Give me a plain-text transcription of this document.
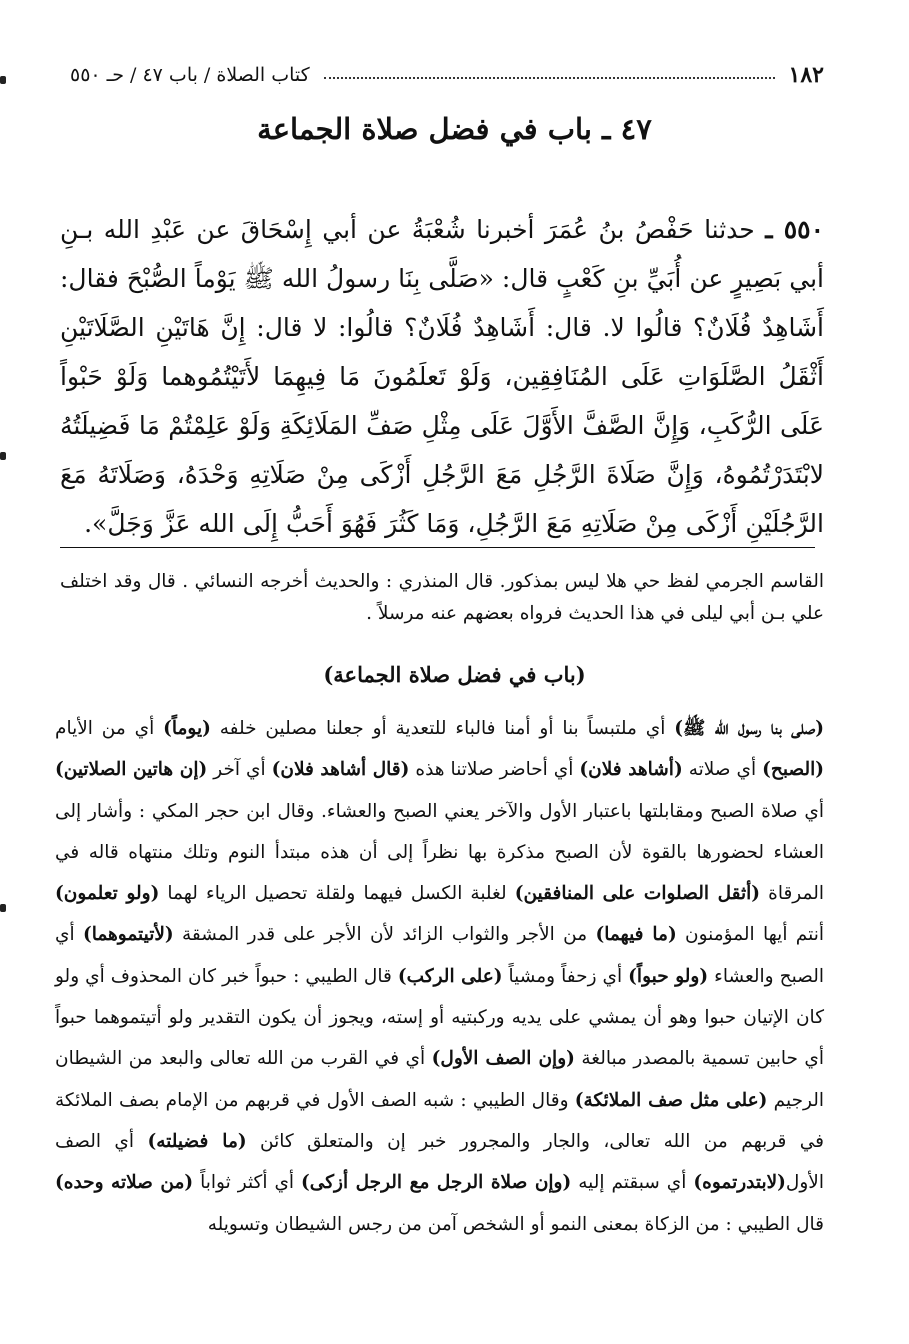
١٨٢
كتاب الصلاة / باب ٤٧ / حـ ٥٥٠
٤٧ ـ باب في فضل صلاة الجماعة
٥٥٠ ـ حدثنا حَفْصُ بنُ عُمَرَ أخبرنا شُعْبَةُ عن أبي إِسْحَاقَ عن عَبْدِ الله بـنِ أبي بَصِيرٍ عن أُبَيِّ بنِ كَعْبٍ قال: «صَلَّى بِنَا رسولُ الله ﷺ يَوْماً الصُّبْحَ فقال: أَشَاهِدٌ فُلَانٌ؟ قالُوا لا. قال: أَشَاهِدٌ فُلَانٌ؟ قالُوا: لا قال: إِنَّ هَاتَيْنِ الصَّلَاتَيْنِ أَثْقَلُ الصَّلَوَاتِ عَلَى المُنَافِقِين، وَلَوْ تَعلَمُونَ مَا فِيهِمَا لأَتَيْتُمُوهما وَلَوْ حَبْواً عَلَى الرُّكَبِ، وَإِنَّ الصَّفَّ الأَوَّلَ عَلَى مِثْلِ صَفِّ المَلَائِكَةِ وَلَوْ عَلِمْتُمْ مَا فَضِيلَتُهُ لابْتَدَرْتُمُوهُ، وَإِنَّ صَلَاةَ الرَّجُلِ مَعَ الرَّجُلِ أَزْكَى مِنْ صَلَاتِهِ وَحْدَهُ، وَصَلَاتَهُ مَعَ الرَّجُلَيْنِ أَزْكَى مِنْ صَلَاتِهِ مَعَ الرَّجُلِ، وَمَا كَثُرَ فَهُوَ أَحَبُّ إِلَى الله عَزَّ وَجَلَّ».
القاسم الجرمي لفظ حي هلا ليس بمذكور. قال المنذري : والحديث أخرجه النسائي . قال وقد اختلف علي بـن أبي ليلى في هذا الحديث فرواه بعضهم عنه مرسلاً .
(باب في فضل صلاة الجماعة)
(صلى بنا رسول الله ﷺ) أي ملتبساً بنا أو أمنا فالباء للتعدية أو جعلنا مصلين خلفه (يوماً) أي من الأيام (الصبح) أي صلاته (أشاهد فلان) أي أحاضر صلاتنا هذه (قال أشاهد فلان) أي آخر (إن هاتين الصلاتين) أي صلاة الصبح ومقابلتها باعتبار الأول والآخر يعني الصبح والعشاء. وقال ابن حجر المكي : وأشار إلى العشاء لحضورها بالقوة لأن الصبح مذكرة بها نظراً إلى أن هذه مبتدأ النوم وتلك منتهاه قاله في المرقاة (أثقل الصلوات على المنافقين) لغلبة الكسل فيهما ولقلة تحصيل الرياء لهما (ولو تعلمون) أنتم أيها المؤمنون (ما فيهما) من الأجر والثواب الزائد لأن الأجر على قدر المشقة (لأتيتموهما) أي الصبح والعشاء (ولو حبواً) أي زحفاً ومشياً (على الركب) قال الطيبي : حبواً خبر كان المحذوف أي ولو كان الإتيان حبوا وهو أن يمشي على يديه وركبتيه أو إسته، ويجوز أن يكون التقدير ولو أتيتموهما حبواً أي حابين تسمية بالمصدر مبالغة (وإن الصف الأول) أي في القرب من الله تعالى والبعد من الشيطان الرجيم (على مثل صف الملائكة) وقال الطيبي : شبه الصف الأول في قربهم من الإمام بصف الملائكة في قربهم من الله تعالى، والجار والمجرور خبر إن والمتعلق كائن (ما فضيلته) أي الصف الأول(لابتدرتموه) أي سبقتم إليه (وإن صلاة الرجل مع الرجل أزكى) أي أكثر ثواباً (من صلاته وحده) قال الطيبي : من الزكاة بمعنى النمو أو الشخص آمن من رجس الشيطان وتسويله
